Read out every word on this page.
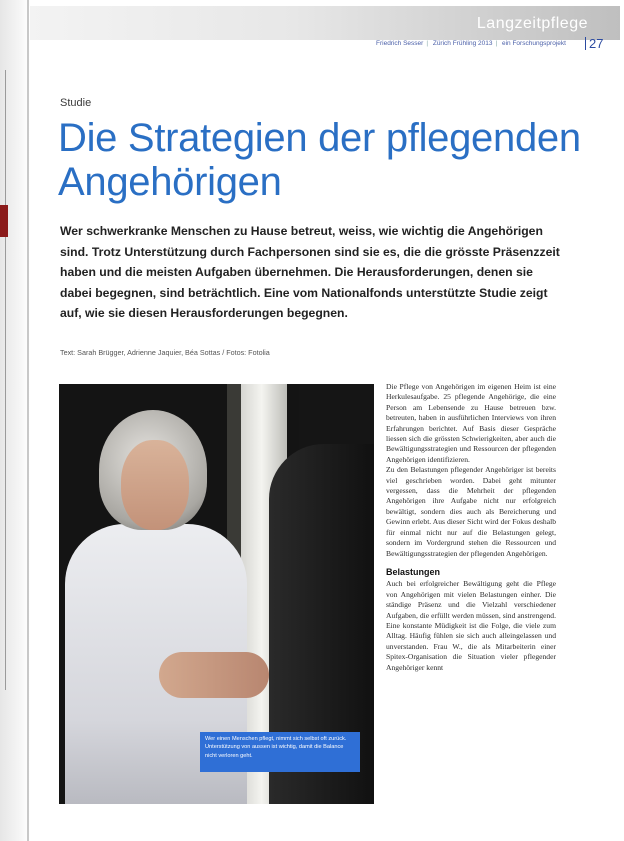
Langzeitpflege
Friedrich Sesser | Zürich Frühling 2013 | ein Forschungsprojekt 27
Studie
Die Strategien der pflegenden Angehörigen

Wer schwerkranke Menschen zu Hause betreut, weiss, wie wichtig die Angehörigen sind. Trotz Unterstützung durch Fachpersonen sind sie es, die die grösste Präsenzzeit haben und die meisten Aufgaben übernehmen. Die Herausforderungen, denen sie dabei begegnen, sind beträchtlich. Eine vom Nationalfonds unterstützte Studie zeigt auf, wie sie diesen Herausforderungen begegnen.

Text: Sarah Brügger, Adrienne Jaquier, Béa Sottas / Fotos: Fotolia
Wer einen Menschen pflegt, nimmt sich selbst oft zurück. Unterstützung von aussen ist wichtig, damit die Balance nicht verloren geht.

Die Pflege von Angehörigen im eigenen Heim ist eine Herkulesaufgabe. 25 pflegende Angehörige, die eine Person am Lebensende zu Hause betreuen bzw. betreuten, haben in ausführlichen Interviews von ihren Erfahrungen berichtet. Auf Basis dieser Gespräche liessen sich die grössten Schwierigkeiten, aber auch die Bewältigungsstrategien und Ressourcen der pflegenden Angehörigen identifizieren.

Zu den Belastungen pflegender Angehöriger ist bereits viel geschrieben worden. Dabei geht mitunter vergessen, dass die Mehrheit der pflegenden Angehörigen ihre Aufgabe nicht nur erfolgreich bewältigt, sondern dies auch als Bereicherung und Gewinn erlebt. Aus dieser Sicht wird der Fokus deshalb für einmal nicht nur auf die Belastungen gelegt, sondern im Vordergrund stehen die Ressourcen und Bewältigungsstrategien der pflegenden Angehörigen.

Belastungen

Auch bei erfolgreicher Bewältigung geht die Pflege von Angehörigen mit vielen Belastungen einher. Die ständige Präsenz und die Vielzahl verschiedener Aufgaben, die erfüllt werden müssen, sind anstrengend. Eine konstante Müdigkeit ist die Folge, die viele zum Alltag. Häufig fühlen sie sich auch alleingelassen und unverstanden. Frau W., die als Mitarbeiterin einer Spitex-Organisation die Situation vieler pflegender Angehöriger kennt
